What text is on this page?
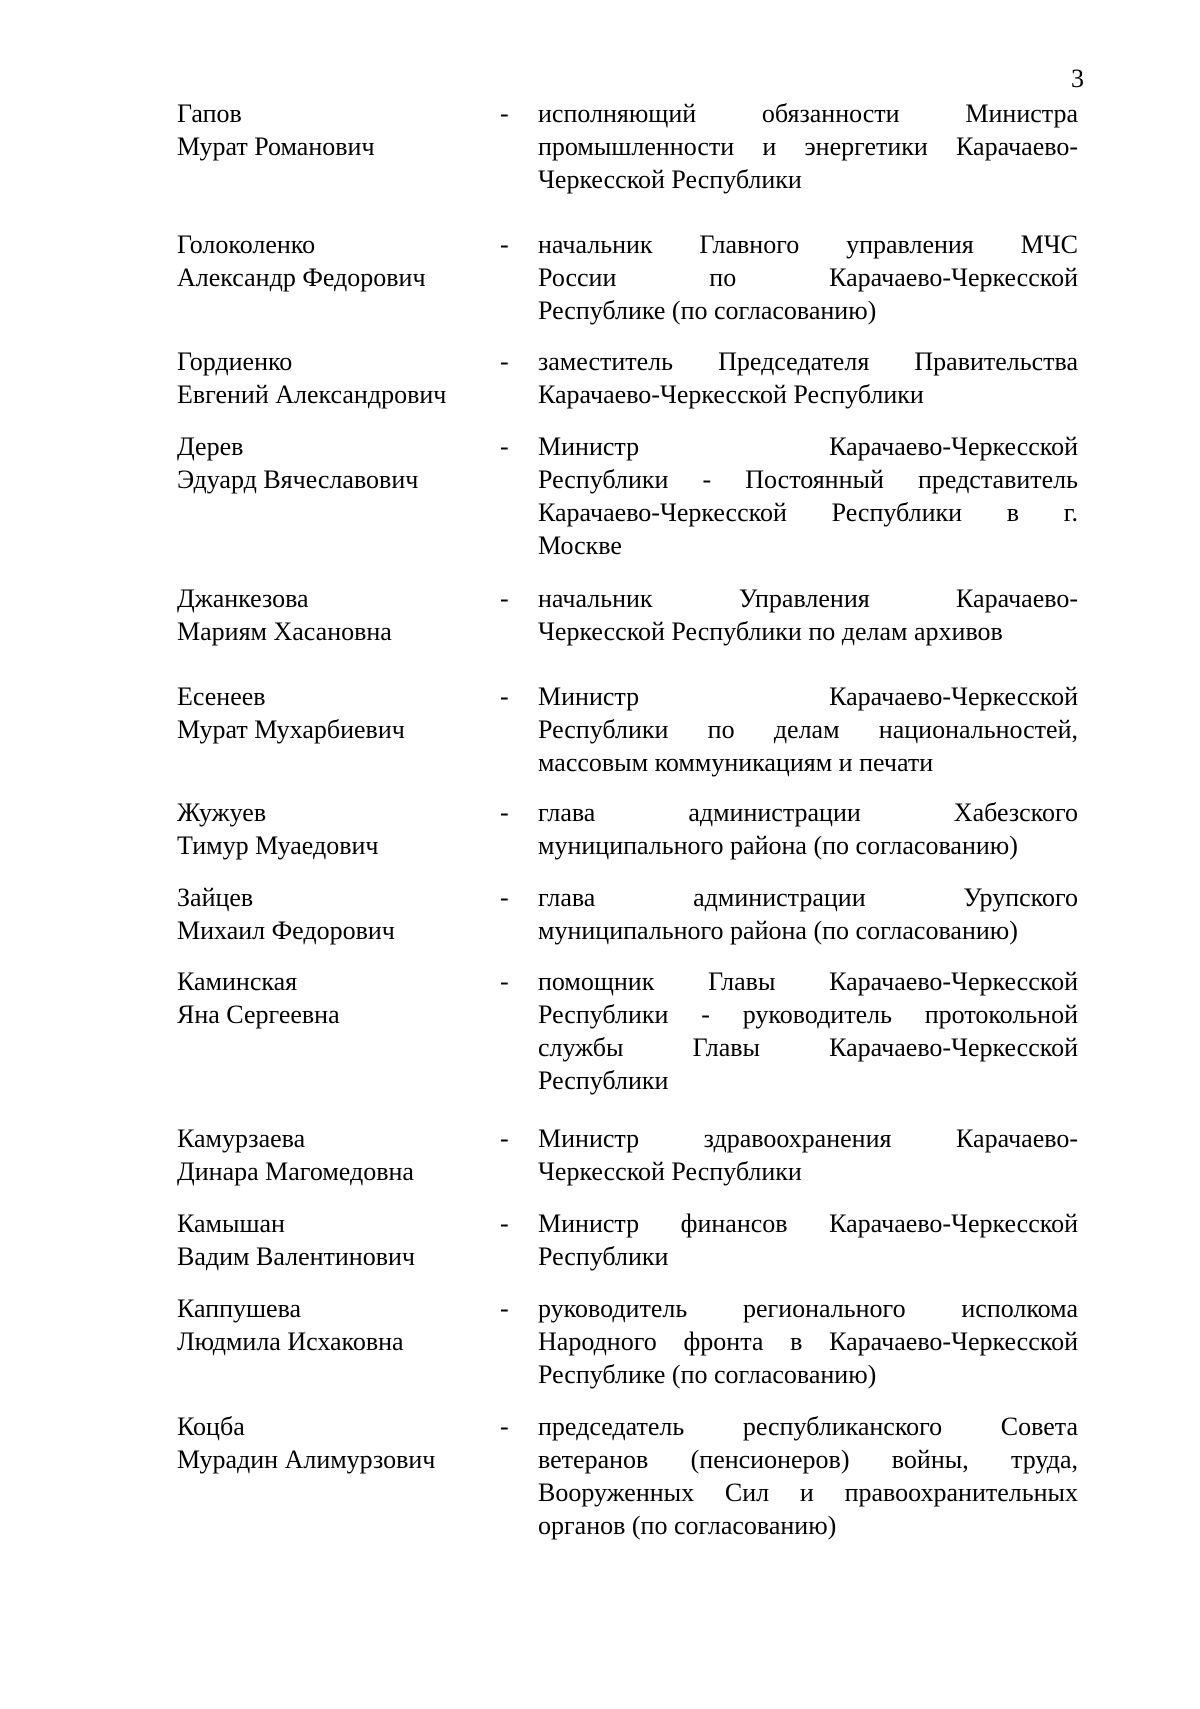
3
Гапов
Мурат Романович
- исполняющий обязанности Министра
промышленности и энергетики Карачаево-
Черкесской Республики
Голоколенко
Александр Федорович
- начальник Главного управления МЧС
России по Карачаево-Черкесской
Республике (по согласованию)
Гордиенко
Евгений Александрович
- заместитель Председателя Правительства
Карачаево-Черкесской Республики
Дерев
Эдуард Вячеславович
- Министр Карачаево-Черкесской
Республики - Постоянный представитель
Карачаево-Черкесской Республики в г.
Москве
Джанкезова
Мариям Хасановна
- начальник Управления Карачаево-
Черкесской Республики по делам архивов
Есенеев
Мурат Мухарбиевич
- Министр Карачаево-Черкесской
Республики по делам национальностей,
массовым коммуникациям и печати
Жужуев
Тимур Муаедович
- глава администрации Хабезского
муниципального района (по согласованию)
Зайцев
Михаил Федорович
- глава администрации Урупского
муниципального района (по согласованию)
Каминская
Яна Сергеевна
- помощник Главы Карачаево-Черкесской
Республики - руководитель протокольной
службы Главы Карачаево-Черкесской
Республики
Камурзаева
Динара Магомедовна
- Министр здравоохранения Карачаево-
Черкесской Республики
Камышан
Вадим Валентинович
- Министр финансов Карачаево-Черкесской
Республики
Каппушева
Людмила Исхаковна
- руководитель регионального исполкома
Народного фронта в Карачаево-Черкесской
Республике (по согласованию)
Коцба
Мурадин Алимурзович
- председатель республиканского Совета
ветеранов (пенсионеров) войны, труда,
Вооруженных Сил и правоохранительных
органов (по согласованию)
